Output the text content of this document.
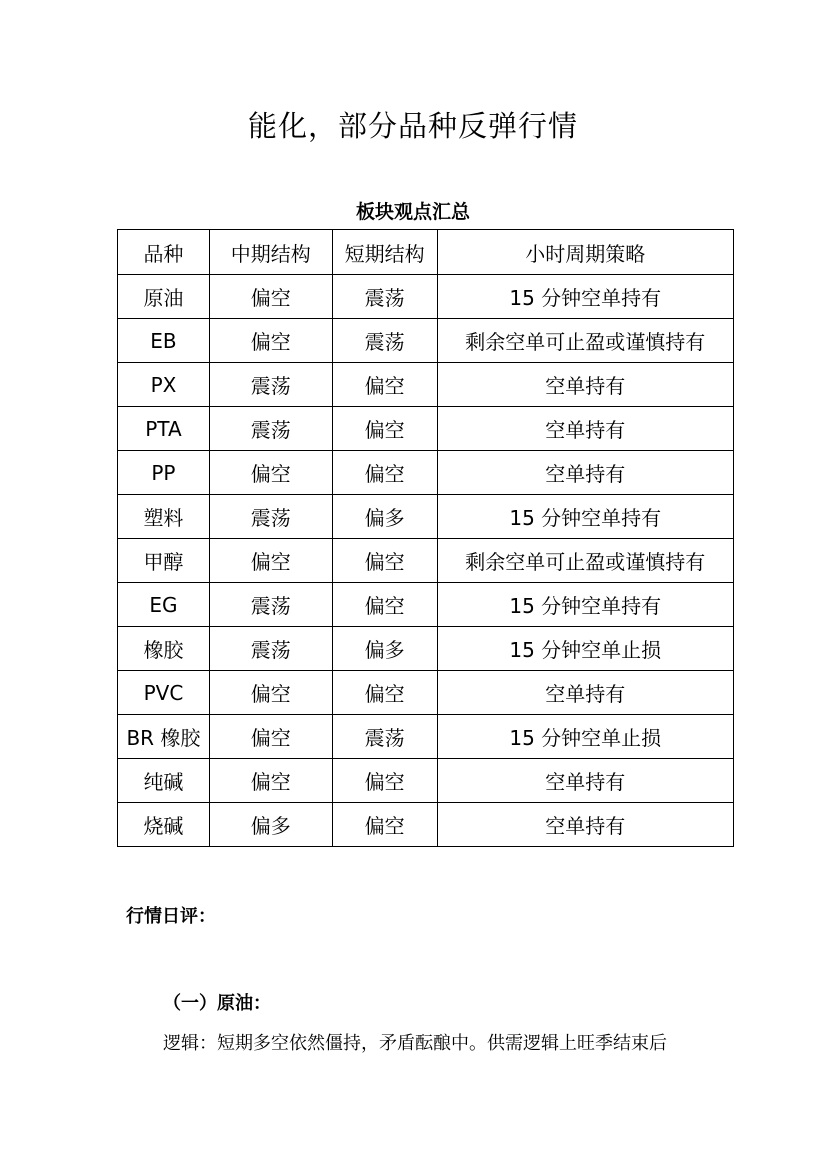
能化，部分品种反弹行情
板块观点汇总
品种	中期结构	短期结构	小时周期策略
原油	偏空	震荡	15 分钟空单持有
EB	偏空	震荡	剩余空单可止盈或谨慎持有
PX	震荡	偏空	空单持有
PTA	震荡	偏空	空单持有
PP	偏空	偏空	空单持有
塑料	震荡	偏多	15 分钟空单持有
甲醇	偏空	偏空	剩余空单可止盈或谨慎持有
EG	震荡	偏空	15 分钟空单持有
橡胶	震荡	偏多	15 分钟空单止损
PVC	偏空	偏空	空单持有
BR 橡胶	偏空	震荡	15 分钟空单止损
纯碱	偏空	偏空	空单持有
烧碱	偏多	偏空	空单持有
行情日评：
（一）原油：

逻辑：短期多空依然僵持，矛盾酝酿中。供需逻辑上旺季结束后
